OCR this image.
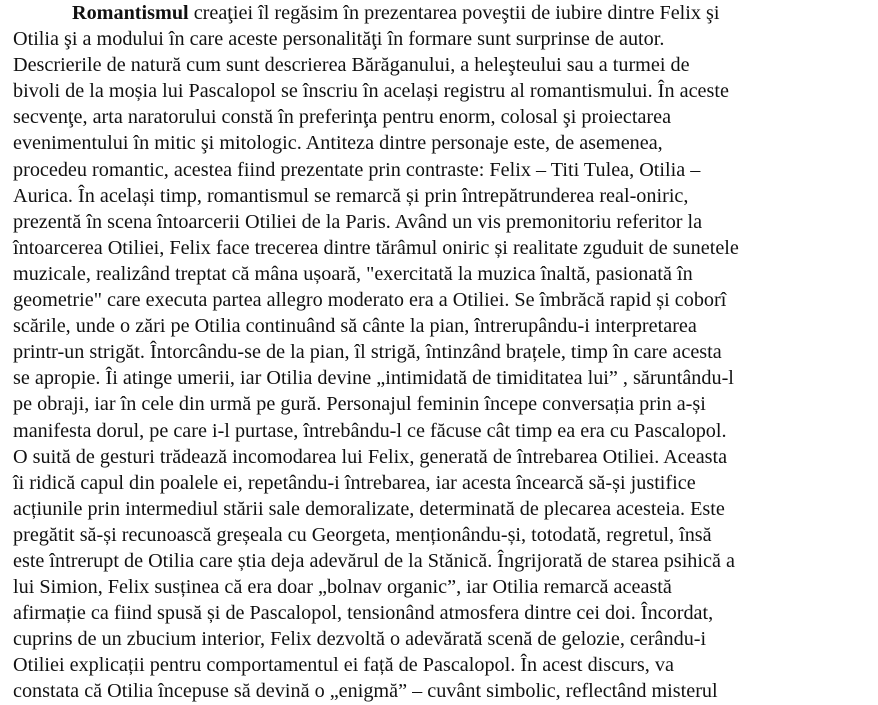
Romantismul creaţiei îl regăsim în prezentarea poveştii de iubire dintre Felix şi
Otilia şi a modului în care aceste personalităţi în formare sunt surprinse de autor.
Descrierile de natură cum sunt descrierea Bărăganului, a heleşteului sau a turmei de
bivoli de la moșia lui Pascalopol se înscriu în același registru al romantismului. În aceste
secvenţe, arta naratorului constă în preferinţa pentru enorm, colosal şi proiectarea
evenimentului în mitic şi mitologic. Antiteza dintre personaje este, de asemenea,
procedeu romantic, acestea fiind prezentate prin contraste: Felix – Titi Tulea, Otilia –
Aurica. În același timp, romantismul se remarcă și prin întrepătrunderea real-oniric,
prezentă în scena întoarcerii Otiliei de la Paris. Având un vis premonitoriu referitor la
întoarcerea Otiliei, Felix face trecerea dintre tărâmul oniric și realitate zguduit de sunetele
muzicale, realizând treptat că mâna ușoară, "exercitată la muzica înaltă, pasionată în
geometrie" care executa partea allegro moderato era a Otiliei. Se îmbrăcă rapid și coborî
scările, unde o zări pe Otilia continuând să cânte la pian, întrerupându-i interpretarea
printr-un strigăt. Întorcându-se de la pian, îl strigă, întinzând brațele, timp în care acesta
se apropie. Îi atinge umerii, iar Otilia devine „intimidată de timiditatea lui” , săruntându-l
pe obraji, iar în cele din urmă pe gură. Personajul feminin începe conversația prin a-și
manifesta dorul, pe care i-l purtase, întrebându-l ce făcuse cât timp ea era cu Pascalopol.
O suită de gesturi trădează incomodarea lui Felix, generată de întrebarea Otiliei. Aceasta
îi ridică capul din poalele ei, repetându-i întrebarea, iar acesta încearcă să-și justifice
acțiunile prin intermediul stării sale demoralizate, determinată de plecarea acesteia. Este
pregătit să-și recunoască greșeala cu Georgeta, menționându-și, totodată, regretul, însă
este întrerupt de Otilia care știa deja adevărul de la Stănică. Îngrijorată de starea psihică a
lui Simion, Felix susținea că era doar „bolnav organic”, iar Otilia remarcă această
afirmație ca fiind spusă și de Pascalopol, tensionând atmosfera dintre cei doi. Încordat,
cuprins de un zbucium interior, Felix dezvoltă o adevărată scenă de gelozie, cerându-i
Otiliei explicații pentru comportamentul ei față de Pascalopol. În acest discurs, va
constata că Otilia începuse să devină o „enigmă” – cuvânt simbolic, reflectând misterul
